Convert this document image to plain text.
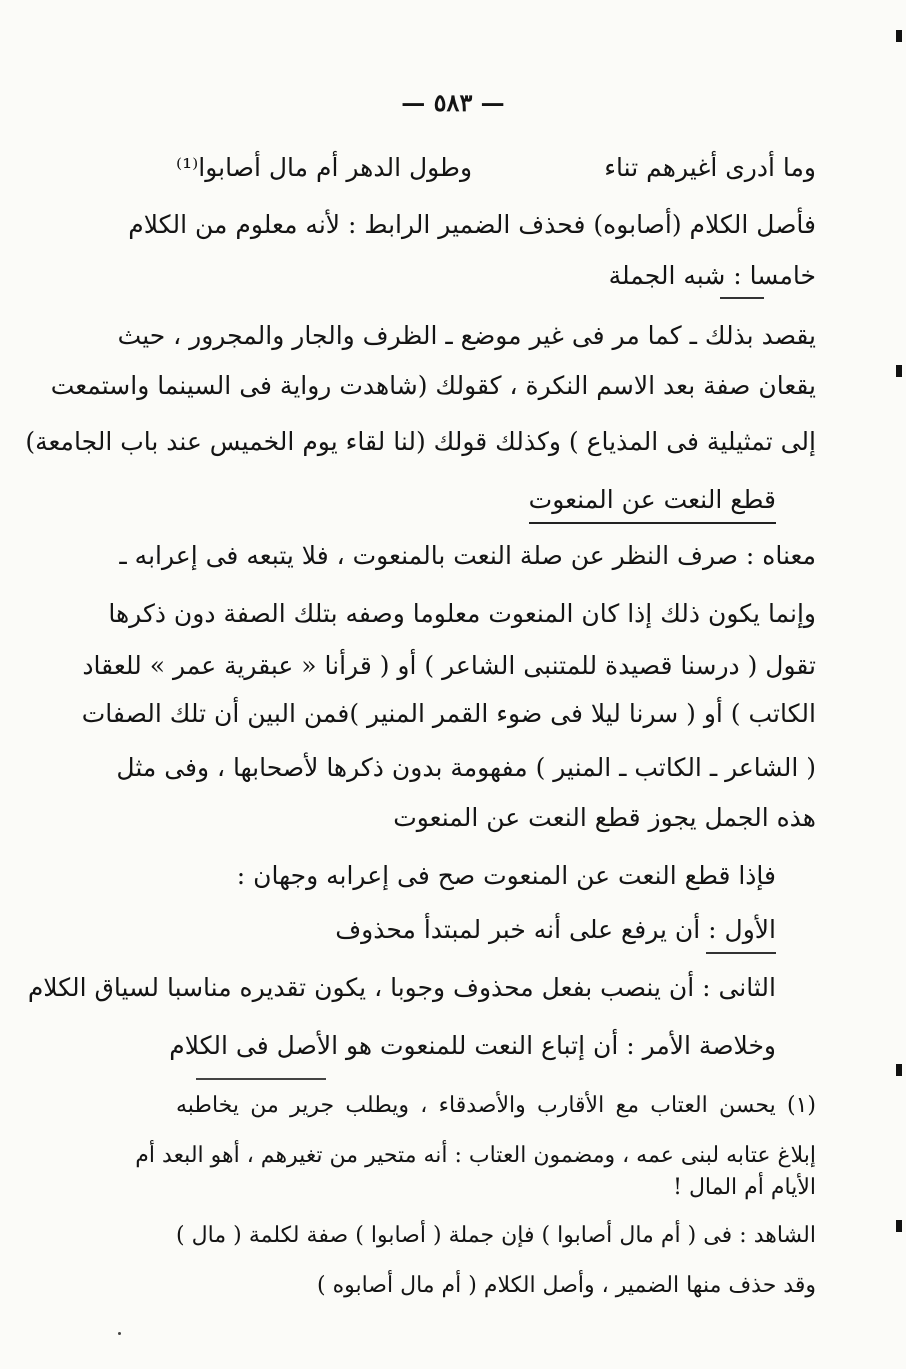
— ٥٨٣ —
وما أدرى أغيرهم تناء
وطول الدهر أم مال أصابوا⁽¹⁾
فأصل الكلام (أصابوه) فحذف الضمير الرابط : لأنه معلوم من الكلام
خامسا : شبه الجملة
يقصد بذلك ـ كما مر فى غير موضع ـ الظرف والجار والمجرور ، حيث
يقعان صفة بعد الاسم النكرة ، كقولك (شاهدت رواية فى السينما واستمعت
إلى تمثيلية فى المذياع ) وكذلك قولك (لنا لقاء يوم الخميس عند باب الجامعة)
قطع النعت عن المنعوت
معناه : صرف النظر عن صلة النعت بالمنعوت ، فلا يتبعه فى إعرابه ـ
وإنما يكون ذلك إذا كان المنعوت معلوما وصفه بتلك الصفة دون ذكرها
تقول ( درسنا قصيدة للمتنبى الشاعر ) أو ( قرأنا « عبقرية عمر » للعقاد
الكاتب ) أو ( سرنا ليلا فى ضوء القمر المنير )فمن البين أن تلك الصفات
( الشاعر ـ الكاتب ـ المنير ) مفهومة بدون ذكرها لأصحابها ، وفى مثل
هذه الجمل يجوز قطع النعت عن المنعوت
فإذا قطع النعت عن المنعوت صح فى إعرابه وجهان :
الأول : أن يرفع على أنه خبر لمبتدأ محذوف
الثانى : أن ينصب بفعل محذوف وجوبا ، يكون تقديره مناسبا لسياق الكلام
وخلاصة الأمر : أن إتباع النعت للمنعوت هو الأصل فى الكلام
(١) يحسن العتاب مع الأقارب والأصدقاء ، ويطلب جرير من يخاطبه
إبلاغ عتابه لبنى عمه ، ومضمون العتاب : أنه متحير من تغيرهم ، أهو البعد أم
الأيام أم المال !
الشاهد : فى ( أم مال أصابوا ) فإن جملة ( أصابوا ) صفة لكلمة ( مال )
وقد حذف منها الضمير ، وأصل الكلام ( أم مال أصابوه )
